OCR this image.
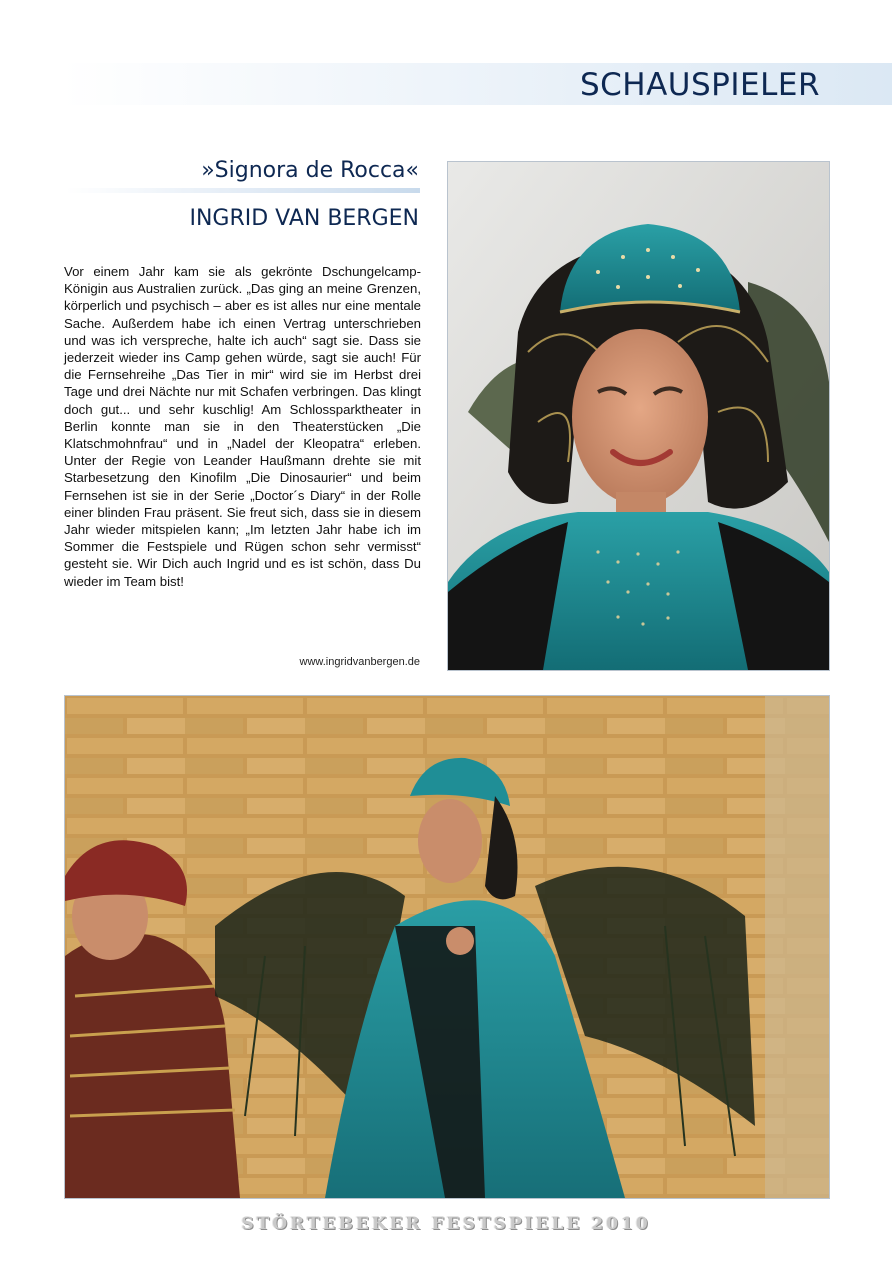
SCHAUSPIELER
»Signora de Rocca«
INGRID VAN BERGEN

Vor einem Jahr kam sie als gekrönte Dschungelcamp-Königin aus Australien zurück. „Das ging an meine Grenzen, körperlich und psychisch – aber es ist alles nur eine mentale Sache. Außerdem habe ich einen Vertrag unterschrieben und was ich verspreche, halte ich auch“ sagt sie. Dass sie jederzeit wieder ins Camp gehen würde, sagt sie auch! Für die Fernsehreihe „Das Tier in mir“ wird sie im Herbst drei Tage und drei Nächte nur mit Schafen verbringen. Das klingt doch gut... und sehr kuschlig! Am Schlossparktheater in Berlin konnte man sie in den Theaterstücken „Die Klatschmohnfrau“ und in „Nadel der Kleopatra“ erleben. Unter der Regie von Leander Haußmann drehte sie mit Starbesetzung den Kinofilm „Die Dinosaurier“ und beim Fernsehen ist sie in der Serie „Doctor´s Diary“ in der Rolle einer blinden Frau präsent. Sie freut sich, dass sie in diesem Jahr wieder mitspielen kann; „Im letzten Jahr habe ich im Sommer die Festspiele und Rügen schon sehr vermisst“ gesteht sie. Wir Dich auch Ingrid und es ist schön, dass Du wieder im Team bist!

www.ingridvanbergen.de
STÖRTEBEKER FESTSPIELE 2010
